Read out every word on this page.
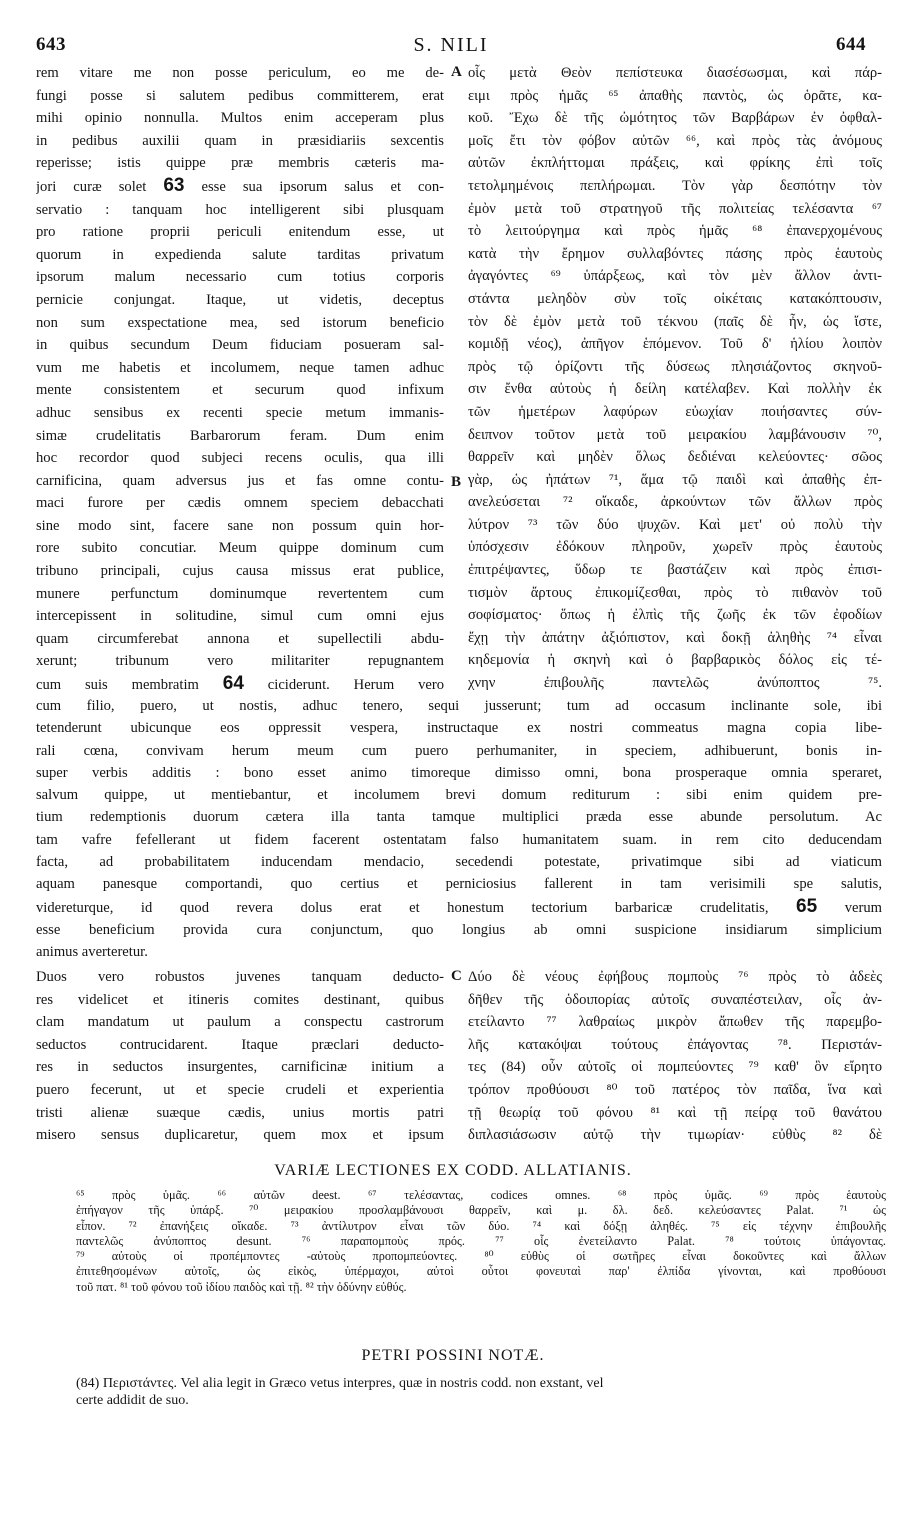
643	S. NILI	644
rem vitare me non posse periculum, eo me de-
fungi posse si salutem pedibus committerem, erat
mihi opinio nonnulla. Multos enim acceperam plus
in pedibus auxilii quam in præsidiariis sexcentis
reperisse; istis quippe præ membris cæteris ma-
jori curæ solet 63 esse sua ipsorum salus et con-
servatio : tanquam hoc intelligerent sibi plusquam
pro ratione proprii periculi enitendum esse, ut
quorum in expedienda salute tarditas privatum
ipsorum malum necessario cum totius corporis
pernicie conjungat. Itaque, ut videtis, deceptus
non sum exspectatione mea, sed istorum beneficio
in quibus secundum Deum fiduciam posueram sal-
vum me habetis et incolumem, neque tamen adhuc
mente consistentem et securum quod infixum
adhuc sensibus ex recenti specie metum immanis-
simæ crudelitatis Barbarorum feram. Dum enim
hoc recordor quod subjeci recens oculis, qua illi
carnificina, quam adversus jus et fas omne contu-
maci furore per cædis omnem speciem debacchati
sine modo sint, facere sane non possum quin hor-
rore subito concutiar. Meum quippe dominum cum
tribuno principali, cujus causa missus erat publice,
munere perfunctum dominumque revertentem cum
intercepissent in solitudine, simul cum omni ejus
quam circumferebat annona et supellectili abdu-
xerunt; tribunum vero militariter repugnantem
cum suis membratim 64 ciciderunt. Herum vero
οἷς μετὰ Θεὸν πεπίστευκα διασέσωσμαι, καὶ πάρ-
ειμι πρὸς ἡμᾶς ⁶⁵ ἀπαθὴς παντὸς, ὡς ὁρᾶτε, κα-
κοῦ. Ἔχω δὲ τῆς ὠμότητος τῶν Βαρβάρων ἐν ὀφθαλ-
μοῖς ἔτι τὸν φόβον αὐτῶν ⁶⁶, καὶ πρὸς τὰς ἀνόμους
αὐτῶν ἐκπλήττομαι πράξεις, καὶ φρίκης ἐπὶ τοῖς
τετολμημένοις πεπλήρωμαι. Τὸν γὰρ δεσπότην τὸν
ἐμὸν μετὰ τοῦ στρατηγοῦ τῆς πολιτείας τελέσαντα ⁶⁷
τὸ λειτούργημα καὶ πρὸς ἡμᾶς ⁶⁸ ἐπανερχομένους
κατὰ τὴν ἔρημον συλλαβόντες πάσης πρὸς ἑαυτοὺς
ἀγαγόντες ⁶⁹ ὑπάρξεως, καὶ τὸν μὲν ἄλλον ἀντι-
στάντα μεληδὸν σὺν τοῖς οἰκέταις κατακόπτουσιν,
τὸν δὲ ἐμὸν μετὰ τοῦ τέκνου (παῖς δὲ ἦν, ὡς ἴστε,
κομιδῇ νέος), ἀπῆγον ἑπόμενον. Τοῦ δ' ἡλίου λοιπὸν
πρὸς τῷ ὁρίζοντι τῆς δύσεως πλησιάζοντος σκηνοῦ-
σιν ἔνθα αὐτοὺς ἡ δείλη κατέλαβεν. Καὶ πολλὴν ἐκ
τῶν ἡμετέρων λαφύρων εὐωχίαν ποιήσαντες σύν-
δειπνον τοῦτον μετὰ τοῦ μειρακίου λαμβάνουσιν ⁷⁰,
θαρρεῖν καὶ μηδὲν ὅλως δεδιέναι κελεύοντες· σῶος
γὰρ, ὡς ἠπάτων ⁷¹, ἅμα τῷ παιδὶ καὶ ἀπαθὴς ἐπ-
ανελεύσεται ⁷² οἴκαδε, ἀρκούντων τῶν ἄλλων πρὸς
λύτρον ⁷³ τῶν δύο ψυχῶν. Καὶ μετ' οὐ πολὺ τὴν
ὑπόσχεσιν ἐδόκουν πληροῦν, χωρεῖν πρὸς ἑαυτοὺς
ἐπιτρέψαντες, ὕδωρ τε βαστάζειν καὶ πρὸς ἐπισι-
τισμὸν ἄρτους ἐπικομίζεσθαι, πρὸς τὸ πιθανὸν τοῦ
σοφίσματος· ὅπως ἡ ἐλπὶς τῆς ζωῆς ἐκ τῶν ἐφοδίων
ἔχῃ τὴν ἀπάτην ἀξιόπιστον, καὶ δοκῇ ἀληθὴς ⁷⁴ εἶναι
κηδεμονία ἡ σκηνὴ καὶ ὁ βαρβαρικὸς δόλος εἰς τέ-
χνην ἐπιβουλῆς παντελῶς ἀνύποπτος ⁷⁵.
A
B
cum filio, puero, ut nostis, adhuc tenero, sequi jusserunt; tum ad occasum inclinante sole, ibi
tetenderunt ubicunque eos oppressit vespera, instructaque ex nostri commeatus magna copia libe-
rali cœna, convivam herum meum cum puero perhumaniter, in speciem, adhibuerunt, bonis in-
super verbis additis : bono esset animo timoreque dimisso omni, bona prosperaque omnia speraret,
salvum quippe, ut mentiebantur, et incolumem brevi domum rediturum : sibi enim quidem pre-
tium redemptionis duorum cætera illa tanta tamque multiplici præda esse abunde persolutum. Ac
tam vafre fefellerant ut fidem facerent ostentatam falso humanitatem suam. in rem cito deducendam
facta, ad probabilitatem inducendam mendacio, secedendi potestate, privatimque sibi ad viaticum
aquam panesque comportandi, quo certius et perniciosius fallerent in tam verisimili spe salutis,
videreturque, id quod revera dolus erat et honestum tectorium barbaricæ crudelitatis, 65 verum
esse beneficium provida cura conjunctum, quo longius ab omni suspicione insidiarum simplicium
animus averteretur.
Duos vero robustos juvenes tanquam deducto-
res videlicet et itineris comites destinant, quibus
clam mandatum ut paulum a conspectu castrorum
seductos contrucidarent. Itaque præclari deducto-
res in seductos insurgentes, carnificinæ initium a
puero fecerunt, ut et specie crudeli et experientia
tristi alienæ suæque cædis, unius mortis patri
misero sensus duplicaretur, quem mox et ipsum
Δύο δὲ νέους ἐφήβους πομποὺς ⁷⁶ πρὸς τὸ ἀδεὲς
δῆθεν τῆς ὁδοιπορίας αὐτοῖς συναπέστειλαν, οἷς ἀν-
ετείλαντο ⁷⁷ λαθραίως μικρὸν ἄπωθεν τῆς παρεμβο-
λῆς κατακόψαι τούτους ἐπάγοντας ⁷⁸. Περιστάν-
τες (84) οὖν αὐτοῖς οἱ πομπεύοντες ⁷⁹ καθ' ὃν εἴρητο
τρόπον προθύουσι ⁸⁰ τοῦ πατέρος τὸν παῖδα, ἵνα καὶ
τῇ θεωρίᾳ τοῦ φόνου ⁸¹ καὶ τῇ πείρᾳ τοῦ θανάτου
διπλασιάσωσιν αὐτῷ τὴν τιμωρίαν· εὐθὺς ⁸² δὲ
C
VARIÆ LECTIONES EX CODD. ALLATIANIS.
⁶⁵ πρὸς ὑμᾶς. ⁶⁶ αὐτῶν deest. ⁶⁷ τελέσαντας, codices omnes. ⁶⁸ πρὸς ὑμᾶς. ⁶⁹ πρὸς ἑαυτοὺς
ἐπήγαγον τῆς ὑπάρξ. ⁷⁰ μειρακίου προσλαμβάνουσι θαρρεῖν, καὶ μ. δλ. δεδ. κελεύσαντες Palat. ⁷¹ ὡς
εἶπον. ⁷² ἐπανήξεις οἴκαδε. ⁷³ ἀντίλυτρον εἶναι τῶν δύο. ⁷⁴ καὶ δόξῃ ἀληθές. ⁷⁵ εἰς τέχνην ἐπιβουλῆς
παντελῶς ἀνύποπτος desunt. ⁷⁶ παραπομποὺς πρός. ⁷⁷ οἷς ἐνετείλαντο Palat. ⁷⁸ τούτοις ὑπάγοντας.
⁷⁹ αὐτοὺς οἱ προπέμποντες -αὐτοὺς προπομπεύοντες. ⁸⁰ εὐθὺς οἱ σωτῆρες εἶναι δοκοῦντες καὶ ἄλλων
ἐπιτεθησομένων αὐτοῖς, ὡς εἰκὸς, ὑπέρμαχοι, αὐτοὶ οὗτοι φονευταὶ παρ' ἐλπίδα γίνονται, καὶ προθύουσι
τοῦ πατ. ⁸¹ τοῦ φόνου τοῦ ἰδίου παιδὸς καὶ τῇ. ⁸² τὴν ὀδύνην εὐθύς.
PETRI POSSINI NOTÆ.
(84) Περιστάντες. Vel alia legit in Græco vetus interpres, quæ in nostris codd. non exstant, vel
certe addidit de suo.
